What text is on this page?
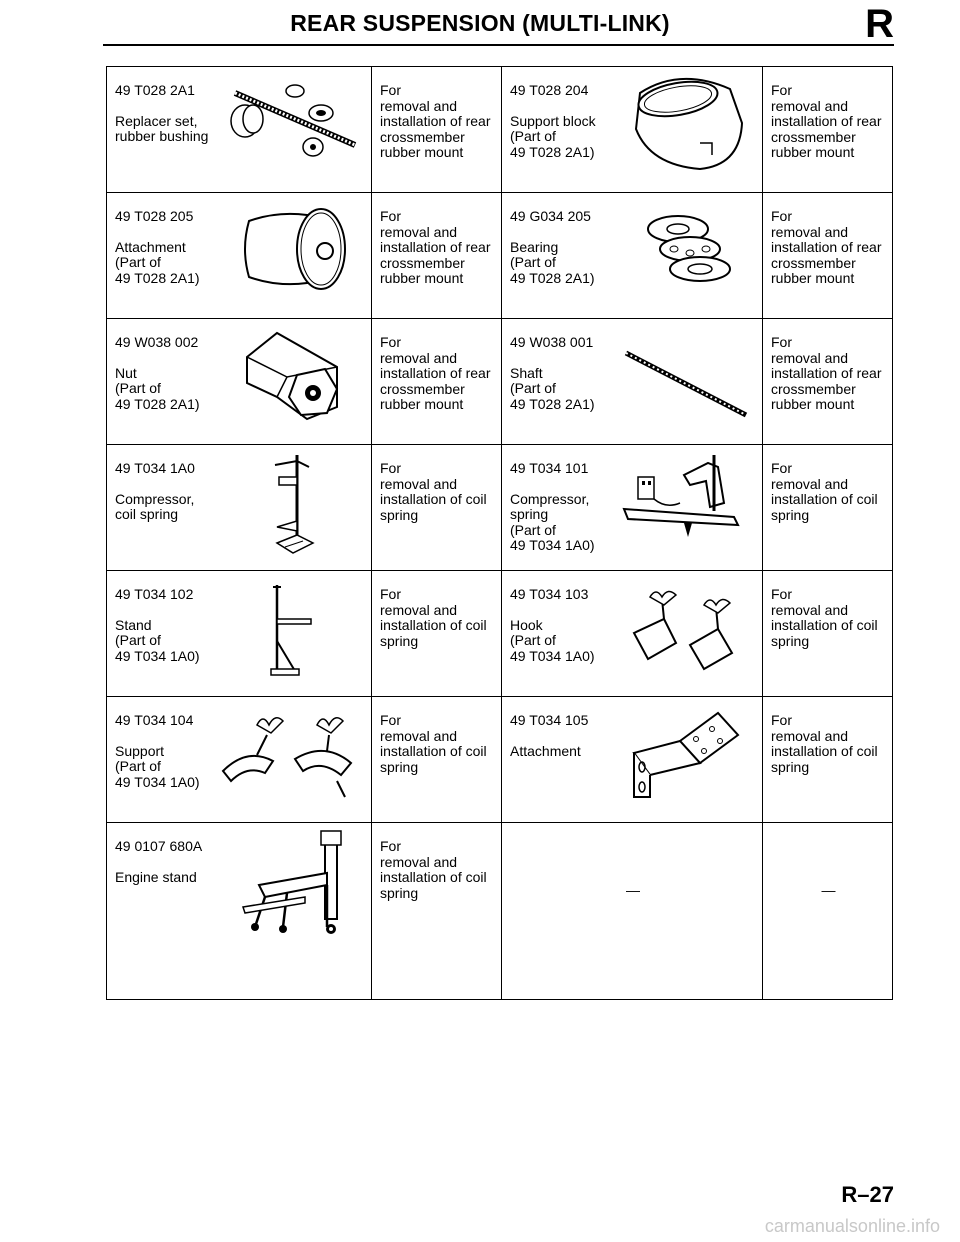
REAR SUSPENSION (MULTI-LINK)	R
49 T028 2A1
Replacer set,
rubber bushing	For
removal and
installation of rear
crossmember
rubber mount	49 T028 204
Support block
(Part of
49 T028 2A1)	For
removal and
installation of rear
crossmember
rubber mount

49 T028 205
Attachment
(Part of
49 T028 2A1)	For
removal and
installation of rear
crossmember
rubber mount	49 G034 205
Bearing
(Part of
49 T028 2A1)	For
removal and
installation of rear
crossmember
rubber mount

49 W038 002
Nut
(Part of
49 T028 2A1)	For
removal and
installation of rear
crossmember
rubber mount	49 W038 001
Shaft
(Part of
49 T028 2A1)	For
removal and
installation of rear
crossmember
rubber mount

49 T034 1A0
Compressor,
coil spring	For
removal and
installation of coil
spring	49 T034 101
Compressor,
spring
(Part of
49 T034 1A0)	For
removal and
installation of coil
spring

49 T034 102
Stand
(Part of
49 T034 1A0)	For
removal and
installation of coil
spring	49 T034 103
Hook
(Part of
49 T034 1A0)	For
removal and
installation of coil
spring

49 T034 104
Support
(Part of
49 T034 1A0)	For
removal and
installation of coil
spring	49 T034 105
Attachment	For
removal and
installation of coil
spring

49 0107 680A
Engine stand	For
removal and
installation of coil
spring	—	—
R–27
carmanualsonline.info
